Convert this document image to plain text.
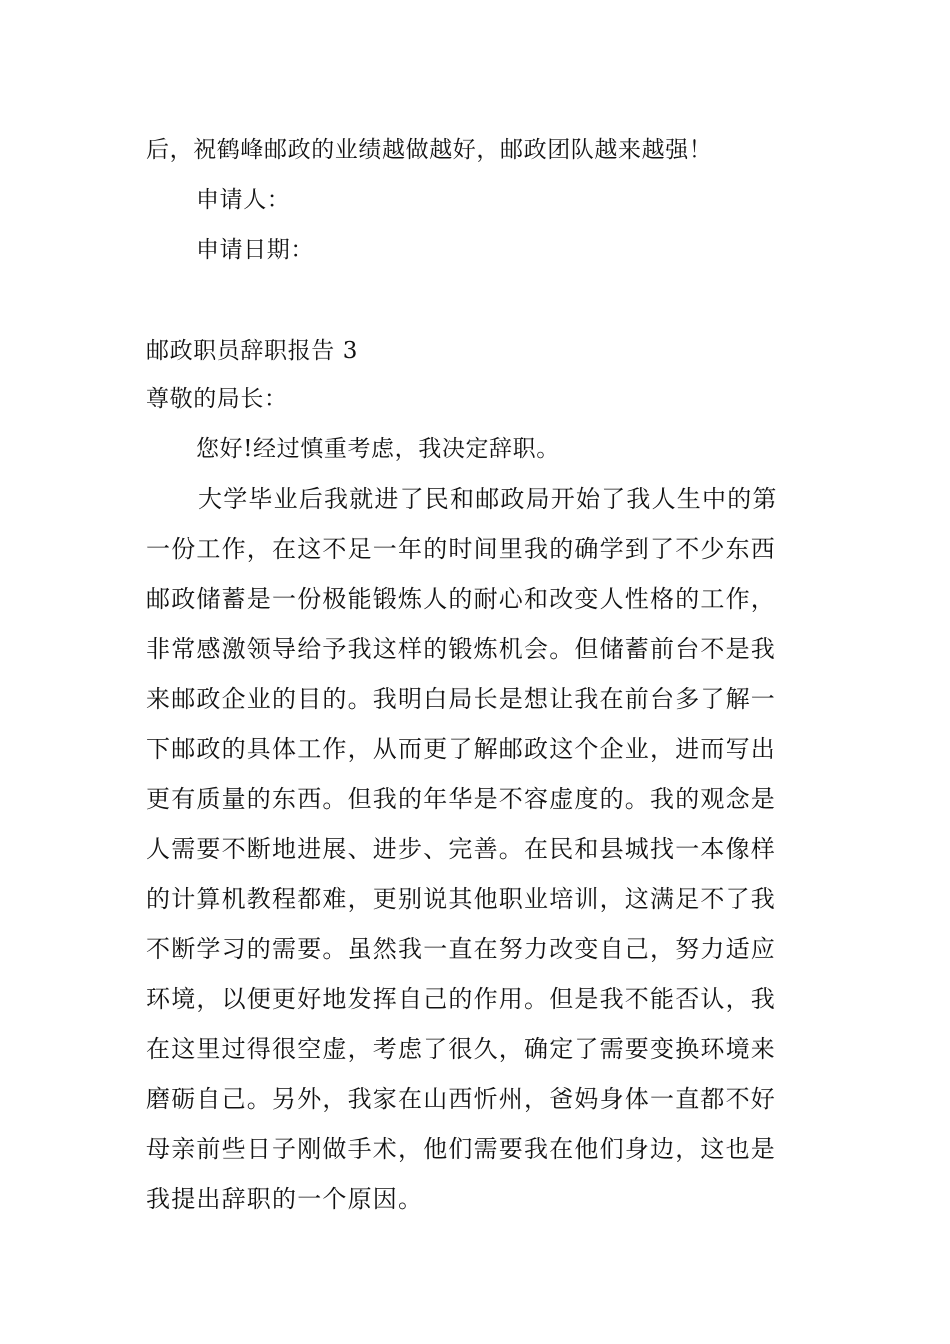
后，祝鹤峰邮政的业绩越做越好，邮政团队越来越强！
申请人：
申请日期：
邮政职员辞职报告 3
尊敬的局长：
您好!经过慎重考虑，我决定辞职。
大学毕业后我就进了民和邮政局开始了我人生中的第
一份工作，在这不足一年的时间里我的确学到了不少东西
邮政储蓄是一份极能锻炼人的耐心和改变人性格的工作，
非常感激领导给予我这样的锻炼机会。但储蓄前台不是我
来邮政企业的目的。我明白局长是想让我在前台多了解一
下邮政的具体工作，从而更了解邮政这个企业，进而写出
更有质量的东西。但我的年华是不容虚度的。我的观念是
人需要不断地进展、进步、完善。在民和县城找一本像样
的计算机教程都难，更别说其他职业培训，这满足不了我
不断学习的需要。虽然我一直在努力改变自己，努力适应
环境，以便更好地发挥自己的作用。但是我不能否认，我
在这里过得很空虚，考虑了很久，确定了需要变换环境来
磨砺自己。另外，我家在山西忻州，爸妈身体一直都不好
母亲前些日子刚做手术，他们需要我在他们身边，这也是
我提出辞职的一个原因。
